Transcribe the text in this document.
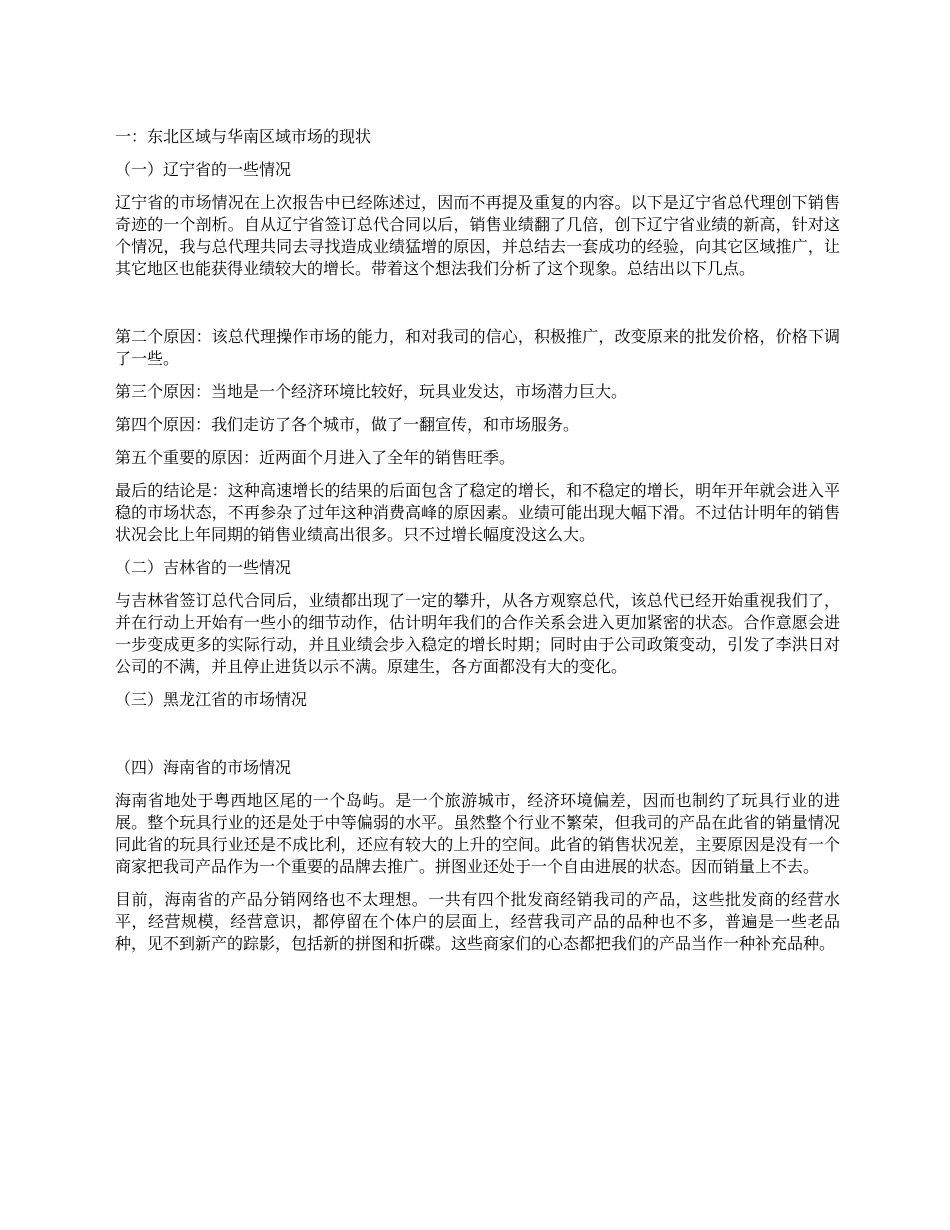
一：东北区域与华南区域市场的现状

（一）辽宁省的一些情况

辽宁省的市场情况在上次报告中已经陈述过，因而不再提及重复的内容。以下是辽宁省总代理创下销售奇迹的一个剖析。自从辽宁省签订总代合同以后，销售业绩翻了几倍，创下辽宁省业绩的新高，针对这个情况，我与总代理共同去寻找造成业绩猛增的原因，并总结去一套成功的经验，向其它区域推广，让其它地区也能获得业绩较大的增长。带着这个想法我们分析了这个现象。总结出以下几点。

第二个原因：该总代理操作市场的能力，和对我司的信心，积极推广，改变原来的批发价格，价格下调了一些。

第三个原因：当地是一个经济环境比较好，玩具业发达，市场潜力巨大。

第四个原因：我们走访了各个城市，做了一翻宣传，和市场服务。

第五个重要的原因：近两面个月进入了全年的销售旺季。

最后的结论是：这种高速增长的结果的后面包含了稳定的增长，和不稳定的增长，明年开年就会进入平稳的市场状态，不再参杂了过年这种消费高峰的原因素。业绩可能出现大幅下滑。不过估计明年的销售状况会比上年同期的销售业绩高出很多。只不过增长幅度没这么大。

（二）吉林省的一些情况

与吉林省签订总代合同后，业绩都出现了一定的攀升，从各方观察总代，该总代已经开始重视我们了，并在行动上开始有一些小的细节动作，估计明年我们的合作关系会进入更加紧密的状态。合作意愿会进一步变成更多的实际行动，并且业绩会步入稳定的增长时期；同时由于公司政策变动，引发了李洪日对公司的不满，并且停止进货以示不满。原建生，各方面都没有大的变化。

（三）黑龙江省的市场情况

（四）海南省的市场情况

海南省地处于粤西地区尾的一个岛屿。是一个旅游城市，经济环境偏差，因而也制约了玩具行业的进展。整个玩具行业的还是处于中等偏弱的水平。虽然整个行业不繁荣，但我司的产品在此省的销量情况同此省的玩具行业还是不成比利，还应有较大的上升的空间。此省的销售状况差，主要原因是没有一个商家把我司产品作为一个重要的品牌去推广。拼图业还处于一个自由进展的状态。因而销量上不去。

目前，海南省的产品分销网络也不太理想。一共有四个批发商经销我司的产品，这些批发商的经营水平，经营规模，经营意识，都停留在个体户的层面上，经营我司产品的品种也不多，普遍是一些老品种，见不到新产的踪影，包括新的拼图和折碟。这些商家们的心态都把我们的产品当作一种补充品种。
